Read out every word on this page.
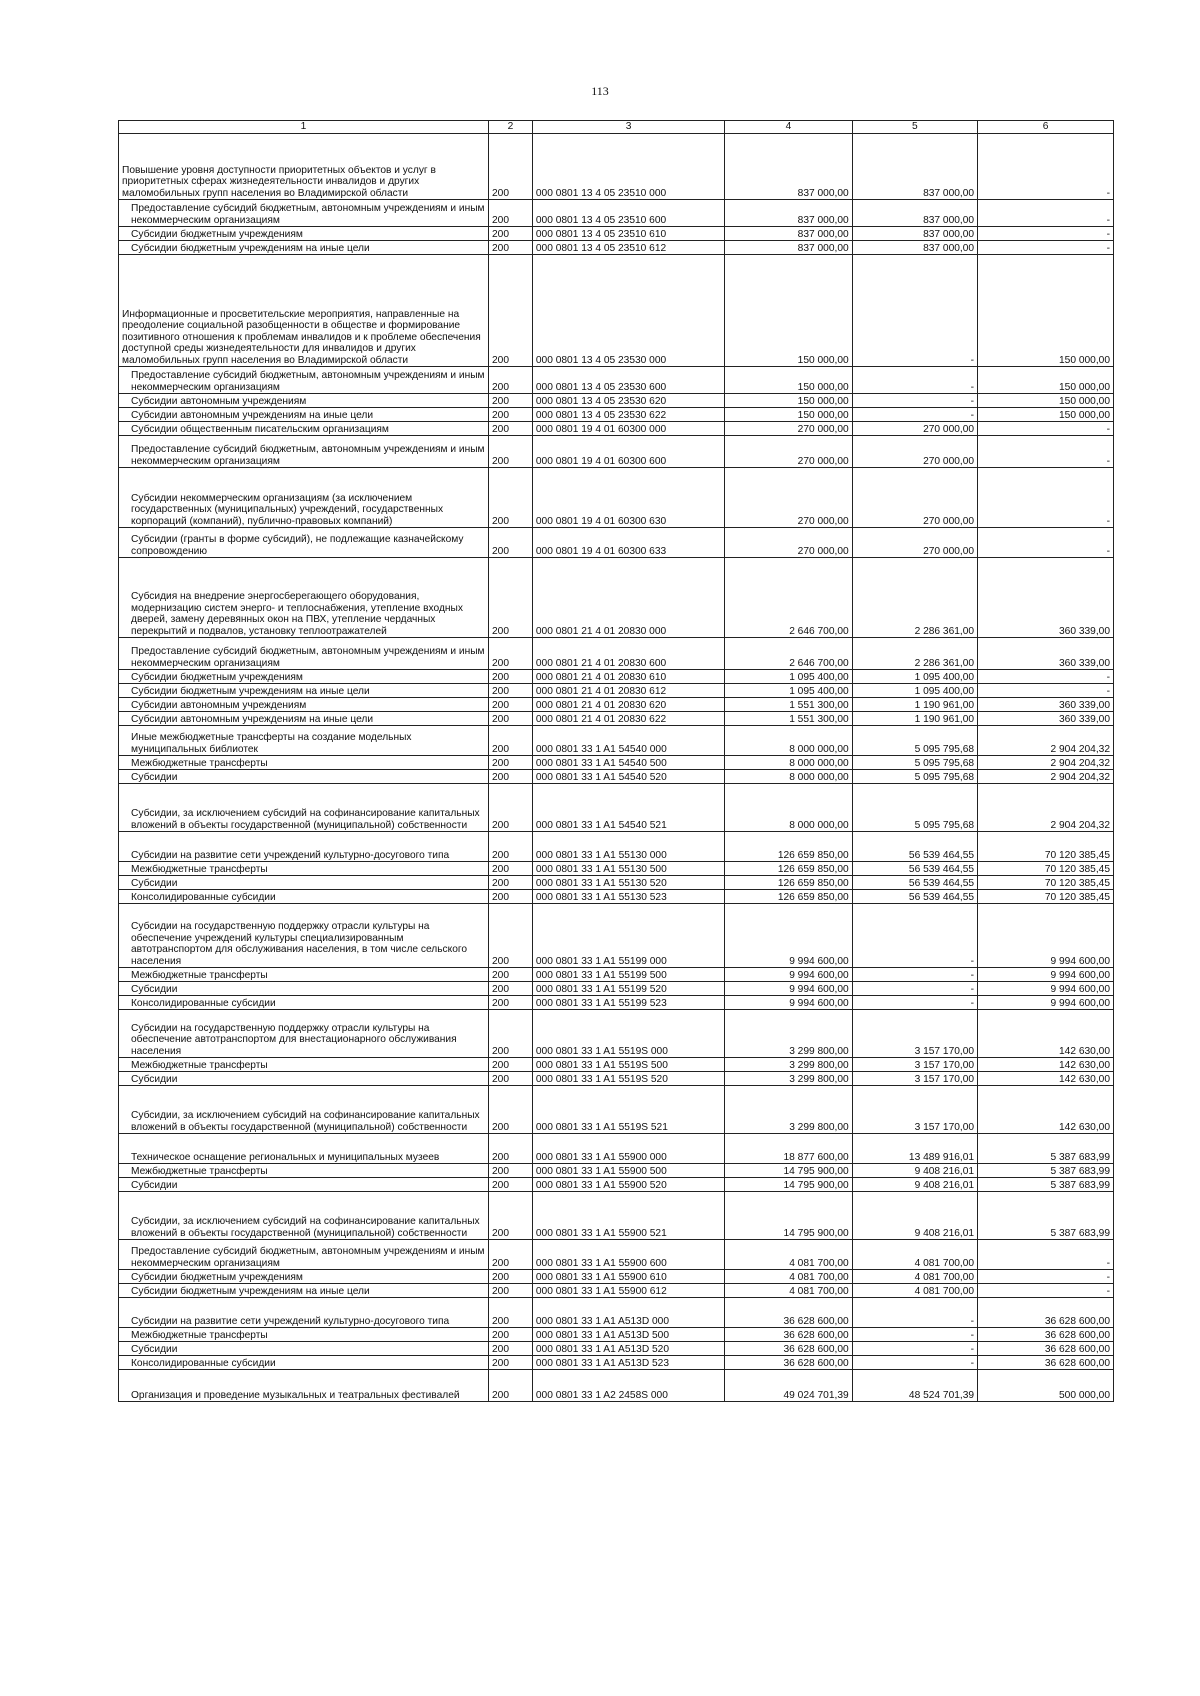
113
1	2	3	4	5	6
Повышение уровня доступности приоритетных объектов и услуг в приоритетных сферах жизнедеятельности инвалидов и других маломобильных групп населения во Владимирской области	200	000 0801 13 4 05 23510 000	837 000,00	837 000,00	-
Предоставление субсидий бюджетным, автономным учреждениям и иным некоммерческим организациям	200	000 0801 13 4 05 23510 600	837 000,00	837 000,00	-
Субсидии бюджетным учреждениям	200	000 0801 13 4 05 23510 610	837 000,00	837 000,00	-
Субсидии бюджетным учреждениям на иные цели	200	000 0801 13 4 05 23510 612	837 000,00	837 000,00	-
Информационные и просветительские мероприятия, направленные на преодоление социальной разобщенности в обществе и формирование позитивного отношения к проблемам инвалидов и к проблеме обеспечения доступной среды жизнедеятельности для инвалидов и других маломобильных групп населения во Владимирской области	200	000 0801 13 4 05 23530 000	150 000,00	-	150 000,00
Предоставление субсидий бюджетным, автономным учреждениям и иным некоммерческим организациям	200	000 0801 13 4 05 23530 600	150 000,00	-	150 000,00
Субсидии автономным учреждениям	200	000 0801 13 4 05 23530 620	150 000,00	-	150 000,00
Субсидии автономным учреждениям на иные цели	200	000 0801 13 4 05 23530 622	150 000,00	-	150 000,00
Субсидии общественным писательским организациям	200	000 0801 19 4 01 60300 000	270 000,00	270 000,00	-
Предоставление субсидий бюджетным, автономным учреждениям и иным некоммерческим организациям	200	000 0801 19 4 01 60300 600	270 000,00	270 000,00	-
Субсидии некоммерческим организациям (за исключением государственных (муниципальных) учреждений, государственных корпораций (компаний), публично-правовых компаний)	200	000 0801 19 4 01 60300 630	270 000,00	270 000,00	-
Субсидии (гранты в форме субсидий), не подлежащие казначейскому сопровождению	200	000 0801 19 4 01 60300 633	270 000,00	270 000,00	-
Субсидия на внедрение энергосберегающего оборудования, модернизацию систем энерго- и теплоснабжения, утепление входных дверей, замену деревянных окон на ПВХ, утепление чердачных перекрытий и подвалов, установку теплоотражателей	200	000 0801 21 4 01 20830 000	2 646 700,00	2 286 361,00	360 339,00
Предоставление субсидий бюджетным, автономным учреждениям и иным некоммерческим организациям	200	000 0801 21 4 01 20830 600	2 646 700,00	2 286 361,00	360 339,00
Субсидии бюджетным учреждениям	200	000 0801 21 4 01 20830 610	1 095 400,00	1 095 400,00	-
Субсидии бюджетным учреждениям на иные цели	200	000 0801 21 4 01 20830 612	1 095 400,00	1 095 400,00	-
Субсидии автономным учреждениям	200	000 0801 21 4 01 20830 620	1 551 300,00	1 190 961,00	360 339,00
Субсидии автономным учреждениям на иные цели	200	000 0801 21 4 01 20830 622	1 551 300,00	1 190 961,00	360 339,00
Иные межбюджетные трансферты на создание модельных муниципальных библиотек	200	000 0801 33 1 A1 54540 000	8 000 000,00	5 095 795,68	2 904 204,32
Межбюджетные трансферты	200	000 0801 33 1 A1 54540 500	8 000 000,00	5 095 795,68	2 904 204,32
Субсидии	200	000 0801 33 1 A1 54540 520	8 000 000,00	5 095 795,68	2 904 204,32
Субсидии, за исключением субсидий на софинансирование капитальных вложений в объекты государственной (муниципальной) собственности	200	000 0801 33 1 A1 54540 521	8 000 000,00	5 095 795,68	2 904 204,32
Субсидии на развитие сети учреждений культурно-досугового типа	200	000 0801 33 1 A1 55130 000	126 659 850,00	56 539 464,55	70 120 385,45
Межбюджетные трансферты	200	000 0801 33 1 A1 55130 500	126 659 850,00	56 539 464,55	70 120 385,45
Субсидии	200	000 0801 33 1 A1 55130 520	126 659 850,00	56 539 464,55	70 120 385,45
Консолидированные субсидии	200	000 0801 33 1 A1 55130 523	126 659 850,00	56 539 464,55	70 120 385,45
Субсидии на государственную поддержку отрасли культуры на обеспечение учреждений культуры специализированным автотранспортом для обслуживания населения, в том числе сельского населения	200	000 0801 33 1 A1 55199 000	9 994 600,00	-	9 994 600,00
Межбюджетные трансферты	200	000 0801 33 1 A1 55199 500	9 994 600,00	-	9 994 600,00
Субсидии	200	000 0801 33 1 A1 55199 520	9 994 600,00	-	9 994 600,00
Консолидированные субсидии	200	000 0801 33 1 A1 55199 523	9 994 600,00	-	9 994 600,00
Субсидии на государственную поддержку отрасли культуры на обеспечение автотранспортом для внестационарного обслуживания населения	200	000 0801 33 1 A1 5519S 000	3 299 800,00	3 157 170,00	142 630,00
Межбюджетные трансферты	200	000 0801 33 1 A1 5519S 500	3 299 800,00	3 157 170,00	142 630,00
Субсидии	200	000 0801 33 1 A1 5519S 520	3 299 800,00	3 157 170,00	142 630,00
Субсидии, за исключением субсидий на софинансирование капитальных вложений в объекты государственной (муниципальной) собственности	200	000 0801 33 1 A1 5519S 521	3 299 800,00	3 157 170,00	142 630,00
Техническое оснащение региональных и муниципальных музеев	200	000 0801 33 1 A1 55900 000	18 877 600,00	13 489 916,01	5 387 683,99
Межбюджетные трансферты	200	000 0801 33 1 A1 55900 500	14 795 900,00	9 408 216,01	5 387 683,99
Субсидии	200	000 0801 33 1 A1 55900 520	14 795 900,00	9 408 216,01	5 387 683,99
Субсидии, за исключением субсидий на софинансирование капитальных вложений в объекты государственной (муниципальной) собственности	200	000 0801 33 1 A1 55900 521	14 795 900,00	9 408 216,01	5 387 683,99
Предоставление субсидий бюджетным, автономным учреждениям и иным некоммерческим организациям	200	000 0801 33 1 A1 55900 600	4 081 700,00	4 081 700,00	-
Субсидии бюджетным учреждениям	200	000 0801 33 1 A1 55900 610	4 081 700,00	4 081 700,00	-
Субсидии бюджетным учреждениям на иные цели	200	000 0801 33 1 A1 55900 612	4 081 700,00	4 081 700,00	-
Субсидии на развитие сети учреждений культурно-досугового типа	200	000 0801 33 1 A1 A513D 000	36 628 600,00	-	36 628 600,00
Межбюджетные трансферты	200	000 0801 33 1 A1 A513D 500	36 628 600,00	-	36 628 600,00
Субсидии	200	000 0801 33 1 A1 A513D 520	36 628 600,00	-	36 628 600,00
Консолидированные субсидии	200	000 0801 33 1 A1 A513D 523	36 628 600,00	-	36 628 600,00
Организация и проведение музыкальных и театральных фестивалей	200	000 0801 33 1 A2 2458S 000	49 024 701,39	48 524 701,39	500 000,00
